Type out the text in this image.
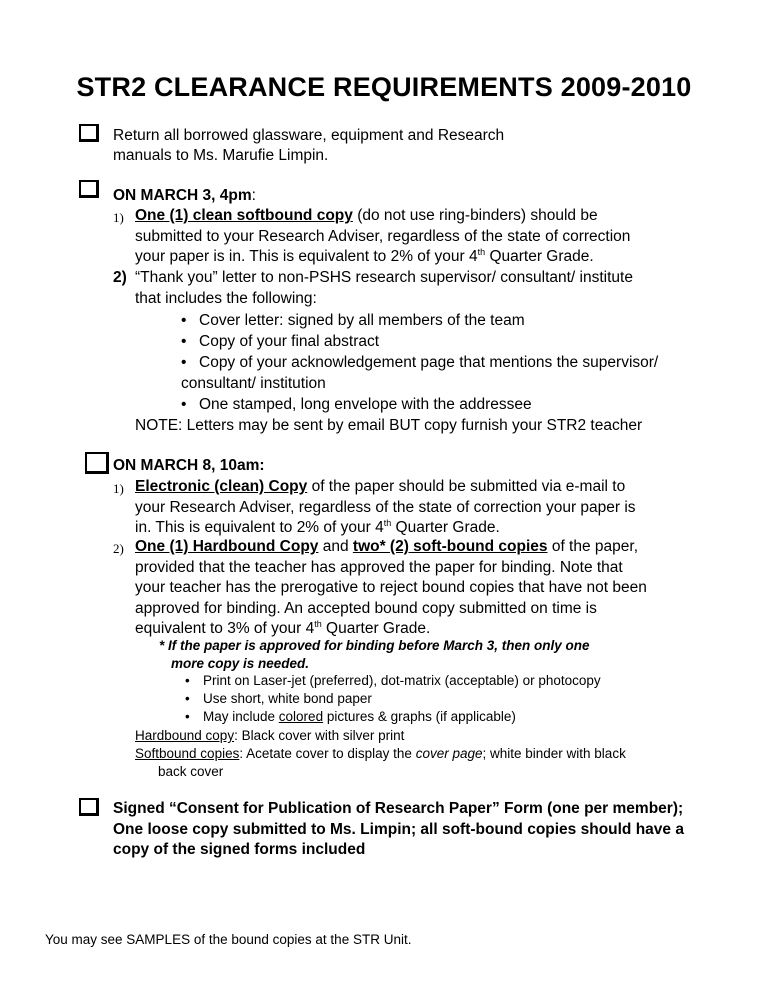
STR2 CLEARANCE REQUIREMENTS 2009-2010
Return all borrowed glassware, equipment and Research
manuals to Ms. Marufie Limpin.
ON MARCH 3, 4pm:
1) One (1) clean softbound copy (do not use ring-binders) should be
submitted to your Research Adviser, regardless of the state of correction
your paper is in. This is equivalent to 2% of your 4th Quarter Grade.
2) “Thank you” letter to non-PSHS research supervisor/ consultant/ institute
that includes the following:
• Cover letter: signed by all members of the team
• Copy of your final abstract
• Copy of your acknowledgement page that mentions the supervisor/
consultant/ institution
• One stamped, long envelope with the addressee
NOTE: Letters may be sent by email BUT copy furnish your STR2 teacher
ON MARCH 8, 10am:
1) Electronic (clean) Copy of the paper should be submitted via e-mail to
your Research Adviser, regardless of the state of correction your paper is
in. This is equivalent to 2% of your 4th Quarter Grade.
2) One (1) Hardbound Copy and two* (2) soft-bound copies of the paper,
provided that the teacher has approved the paper for binding. Note that
your teacher has the prerogative to reject bound copies that have not been
approved for binding. An accepted bound copy submitted on time is
equivalent to 3% of your 4th Quarter Grade.
* If the paper is approved for binding before March 3, then only one
more copy is needed.
• Print on Laser-jet (preferred), dot-matrix (acceptable) or photocopy
• Use short, white bond paper
• May include colored pictures & graphs (if applicable)
Hardbound copy: Black cover with silver print
Softbound copies: Acetate cover to display the cover page; white binder with black
back cover
Signed “Consent for Publication of Research Paper” Form (one per member);
One loose copy submitted to Ms. Limpin; all soft-bound copies should have a
copy of the signed forms included
You may see SAMPLES of the bound copies at the STR Unit.
